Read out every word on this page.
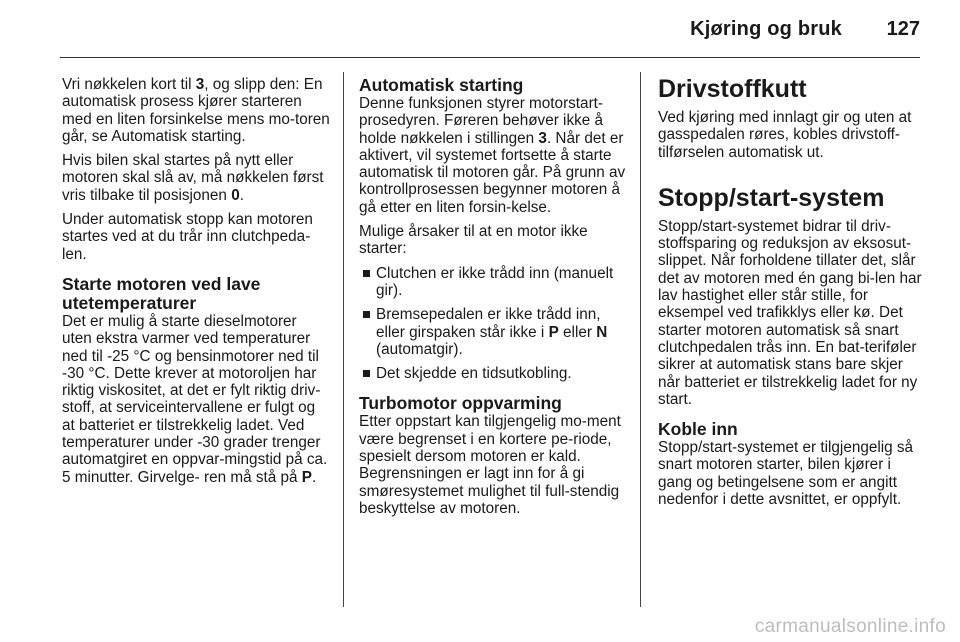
Kjøring og bruk 127

Vri nøkkelen kort til 3, og slipp den: En automatisk prosess kjører starteren med en liten forsinkelse mens mo-toren går, se Automatisk starting.

Hvis bilen skal startes på nytt eller motoren skal slå av, må nøkkelen først vris tilbake til posisjonen 0.

Under automatisk stopp kan motoren startes ved at du trår inn clutchpeda-len.

Starte motoren ved lave utetemperaturer

Det er mulig å starte dieselmotorer uten ekstra varmer ved temperaturer ned til -25 °C og bensinmotorer ned til -30 °C. Dette krever at motoroljen har riktig viskositet, at det er fylt riktig driv-stoff, at serviceintervallene er fulgt og at batteriet er tilstrekkelig ladet. Ved temperaturer under -30 grader trenger automatgiret en oppvar-mingstid på ca. 5 minutter. Girvelge- ren må stå på P.

Automatisk starting

Denne funksjonen styrer motorstart-prosedyren. Føreren behøver ikke å holde nøkkelen i stillingen 3. Når det er aktivert, vil systemet fortsette å starte automatisk til motoren går. På grunn av kontrollprosessen begynner motoren å gå etter en liten forsin-kelse.

Mulige årsaker til at en motor ikke starter:

Clutchen er ikke trådd inn (manuelt gir).
Bremsepedalen er ikke trådd inn, eller girspaken står ikke i P eller N (automatgir).
Det skjedde en tidsutkobling.
Turbomotor oppvarming

Etter oppstart kan tilgjengelig mo-ment være begrenset i en kortere pe-riode, spesielt dersom motoren er kald. Begrensningen er lagt inn for å gi smøresystemet mulighet til full-stendig beskyttelse av motoren.

Drivstoffkutt

Ved kjøring med innlagt gir og uten at gasspedalen røres, kobles drivstoff-tilførselen automatisk ut.

Stopp/start-system

Stopp/start-systemet bidrar til driv-stoffsparing og reduksjon av eksosut-slippet. Når forholdene tillater det, slår det av motoren med én gang bi-len har lav hastighet eller står stille, for eksempel ved trafikklys eller kø. Det starter motoren automatisk så snart clutchpedalen trås inn. En bat-teriføler sikrer at automatisk stans bare skjer når batteriet er tilstrekkelig ladet for ny start.

Koble inn

Stopp/start-systemet er tilgjengelig så snart motoren starter, bilen kjører i gang og betingelsene som er angitt nedenfor i dette avsnittet, er oppfylt.

carmanualsonline.info
